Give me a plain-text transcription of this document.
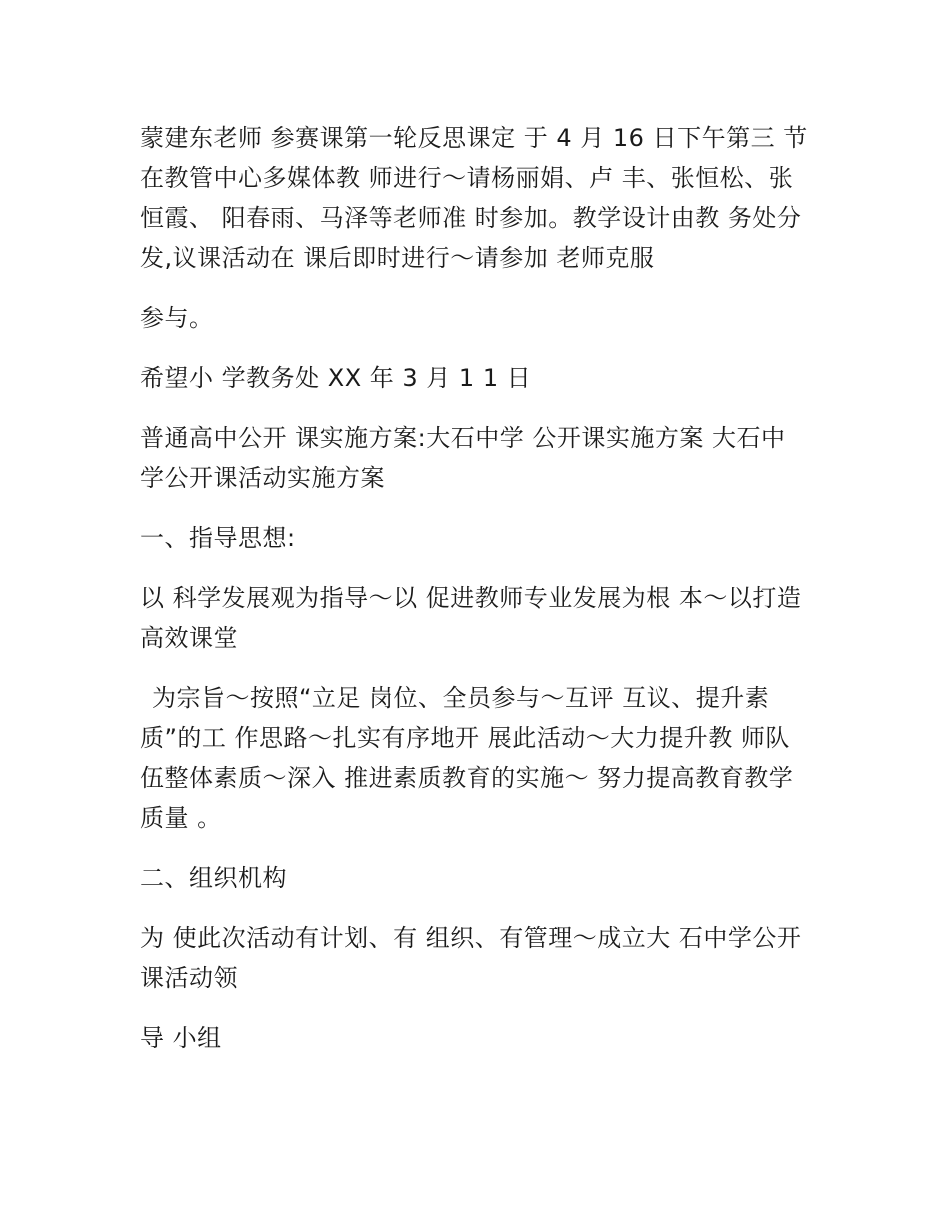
蒙建东老师 参赛课第一轮反思课定 于 4 月 16 日下午第三 节在教管中心多媒体教 师进行～请杨丽娟、卢 丰、张恒松、张恒霞、 阳春雨、马泽等老师准 时参加。教学设计由教 务处分发,议课活动在 课后即时进行～请参加 老师克服

参与。

希望小 学教务处 XX 年 3 月 1 1 日

普通高中公开 课实施方案:大石中学 公开课实施方案 大石中 学公开课活动实施方案

一、指导思想:

以 科学发展观为指导～以 促进教师专业发展为根 本～以打造高效课堂

为宗旨～按照“立足 岗位、全员参与～互评 互议、提升素质”的工 作思路～扎实有序地开 展此活动～大力提升教 师队伍整体素质～深入 推进素质教育的实施～ 努力提高教育教学质量 。

二、组织机构

为 使此次活动有计划、有 组织、有管理～成立大 石中学公开课活动领

导 小组
